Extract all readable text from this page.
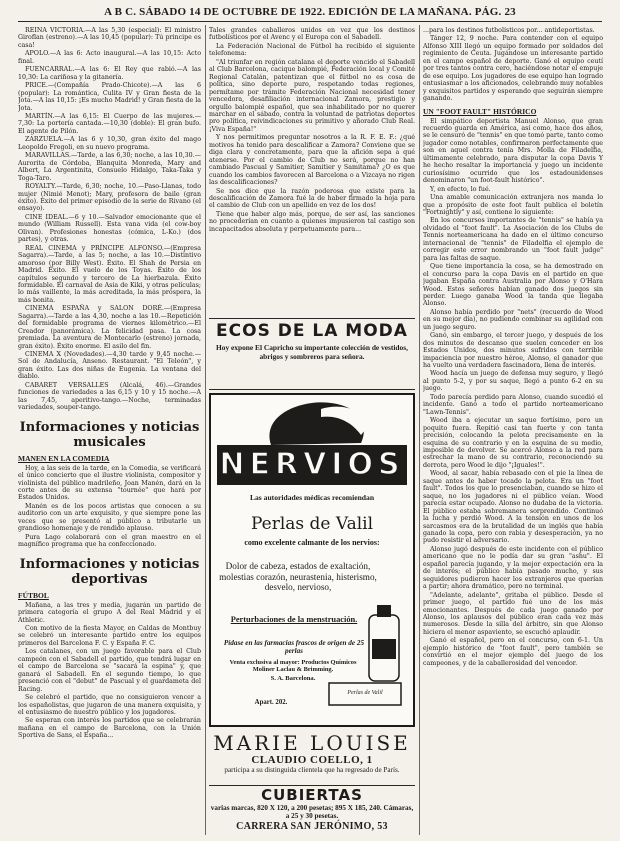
A B C. SÁBADO 14 DE OCTUBRE DE 1922. EDICIÓN DE LA MAÑANA. PÁG. 23

REINA VICTORIA.—A las 5,30 (especial): El ministro Giroflan (estreno).—A las 10,45 (popular): Tú principe es casa!

APOLO.—A las 6: Acto inaugural.—A las 10,15: Acto final.

FUENCARRAL.—A las 6: El Rey que rabió.—A las 10,30: La cariñosa y la gitanería.

PRICE.—(Compañía Prado-Chicote).—A las 6 (popular): La romántica, Culita IV y Gran fiesta de la Jota.—A las 10,15: ¡Es mucho Madrid! y Gran fiesta de la Jota.

MARTÍN.—A las 6,15: El Cuerpo de las mujeres.—7,30: La portería cantada.—10,30 (doble): El gran bufo. El agente de Pilón.

ZARZUELA.—A las 6 y 10,30, gran éxito del mago Leopoldo Fregoli, en su nuevo programa.

MARAVILLAS.—Tarde, a las 6,30; noche, a las 10,30.—Aurorita de Córdoba, Blanquita Monreda, Mary and Albert, La Argentinita, Consuelo Hidalgo, Taka-Taka y Toga-Taro.

ROYALTY.—Tarde, 6,30; noche, 10.—Paso-Llanas, todo mujer (Nimié Menot); Mary, profesora de baile (gran éxito). Éxito del primer episodio de la serie de Rivano (el ensayo).

CINE IDEAL.—6 y 10.—Salvador emocionante que el mundo (William Russell). Esta vana vida (el cow-boy Olivan). Profesiones honestas (cómica, L-Ko.) (dos partes), y otras.

REAL CINEMA y PRÍNCIPE ALFONSO.—(Empresa Sagarra).—Tarde, a las 5; noche, a las 10.—Distintivo amoroso (por Billy West). Éxito. El Shah de Persia en Madrid. Éxito. El vuelo de los Toyas. Éxito de los capítulos segundo y tercero de La hierbazula. Éxito formidable. El carnaval de Asia de Kiki, y otras películas; lo más vaillente, la más acreditada, la más próspera, la más bonita.

CINEMA ESPAÑA y SALON DORÉ.—(Empresa Sagarra).—Tarde a las 4,30, noche a las 10.—Repetición del formidable programa de viernes kilométrico.—El Creador (panorámica). La felicidad pasa. La cosa premiada. La aventura de Montecarlo (estreno) jornada, gran éxito). Éxito enorme. El asilo del fin.

CINEMA X (Novedades).—4,30 tarde y 9,45 noche.—Sol de Andalucía, Anseno. Restaurant. "El Teleón", y gran éxito. Las dos niñas de Eugenia. La ventana del diablo.

CABARET VERSALLES (Alcalá, 46).—Grandes funciones de variedades a las 6,15 y 10 y 15 noche.—A las 7,45, aperitivo-tango.—Noche, terminadas variedades, souper-tango.

Informaciones y noticias musicales
MANEN EN LA COMEDIA

Hoy, a las seis de la tarde, en la Comedia, se verificará el único concierto que el ilustre violinista, compositor y violinista del público madrileño, Joan Manén, dará en la corte antes de su extensa "tournée" que hará por Estados Unidos.

Manén es de los pocos artistas que conocen a su auditorio con un arte exquisito, y que siempre pone las veces que se presentó al público a tributarle un grandioso homenaje y de rendido aplauso.

Pura Lago colaborará con el gran maestro en el magnífico programa que ha confeccionado.

Informaciones y noticias deportivas
FÚTBOL

Mañana, a las tres y media, jugarán un partido de primera categoría el grupo A del Real Madrid y el Athletic.

Con motivo de la fiesta Mayor, en Caldas de Montbuy se celebró un interesante partido entre los equipos primeros del Barcelona F. C. y España F. C.

Los catalanes, con un juego favorable para el Club campeón con el Sabadell el partido, que tendrá lugar en el campo de Barcelona se "sacará la espina" y, que ganará el Sabadell. En el segundo tiempo, lo que presenció con el "debut" de Pascual y el guardameta del Racing.

Se celebró el partido, que no consiguieron vencer a los españolistas, que jugaron de una manera exquisita, y el entusiasmo de nuestro público y los jugadores.

Se esperan con interés los partidos que se celebrarán mañana en el campo de Barcelona, con la Unión Sportiva de Sans, el España...

Tales grandes caballeros unidos en vez que los destinos futbolísticos por el Avenc y el Europa con el Sabadell.

La Federación Nacional de Fútbol ha recibido el siguiente telefonema:

"Al triunfar en región catalana el deporte vencido el Sabadell al Club Barcelona, cacique balompié, Federación local y Comité Regional Catalán, patentizan que el fútbol no es cosa de política, sino deporte puro, respetando todas regiones, permítame por trámite Federación Nacional necesidad tener vencedora, desafiliación internacional Zamora, prestigio y orgullo balompié español, que sea inhabilitado por no querer marchar en el sábado, contra la voluntad de patriotas deportes pro política, reivindicaciones su primitivo y añorado Club Real. ¡Viva España!"

Y nos permitimos preguntar nosotros a la R. F. E. F.: ¿qué motivos ha tenido para descalificar a Zamora? Conviene que se diga clara y concretamente, para que la afición sepa a qué atenerse. Por el cambio de Club no será, porque no han cambiado Pascual y Samitier, Samitier y Samitama? ¿O es que cuando los cambios favorecen al Barcelona o a Vizcaya no rigen las descalificaciones?

Se nos dice que la razón poderosa que existe para la descalificación de Zamora fué la de haber firmado la hoja para el cambio de Club con un apellido en vez de los dos!

Tiene que haber algo más, porque, de ser así, las sanciones no procederían en cuanto a quienes impusieron tal castigo son incapacitados absoluta y perpetuamente para...

ECOS DE LA MODA
Hoy expone El Capricho su importante colección de vestidos, abrigos y sombreros para señora.
NERVIOS
Las autoridades médicas recomiendan
Perlas de Valil
como excelente calmante de los nervios:
Dolor de cabeza, estados de exaltación, molestias corazón, neurastenia, histerismo, desvelo, nervioso,
Perturbaciones de la menstruación.
Pídase en las farmacias frascos de origen de 25 perlas
Venta exclusiva al mayor: Productos Químicos Moliner Laclau & Brimming.
S. A. Barcelona.
Perlas de Valil
Apart. 202.
MARIE LOUISE
CLAUDIO COELLO, 1
participa a su distinguida clientela que ha regresado de París.
CUBIERTAS
varias marcas, 820 X 120, a 200 pesetas; 895 X 185, 240. Cámaras, a 25 y 30 pesetas.
CARRERA SAN JERÓNIMO, 53

...para los destinos futbolísticos por... antideportistas.

Tánger 12, 9 noche. Para contender con el equipo Alfonso XIII llegó un equipo formado por soldados del regimiento de Ceuta. Jugándose un interesante partido en el campo español de deporte. Ganó el equipo ceutí por tres tantos contra cero, haciéndose notar el empuje de ese equipo. Los jugadores de ese equipo han logrado entusiasmar a los aficionados, celebrando muy notables y exquisitos partidos y esperando que seguirán siempre ganando.

UN "FOOT FAULT" HISTÓRICO

El simpático deportista Manuel Alonso, que gran recuerdo guarda en América, así como, hace dos años, se le censuró de "tennis" en que tomó parte, tanto como jugador como notables, confirmaron perfectamente que son en aquel contra tenía Mrs. Molla de Filadelfia, últimamente celebrado, para disputar la copa Davis Y he hecho resaltar la importancia y juego un incidente curiosísimo ocurrido que los estadounidenses denominaron "un foot-fault histórico".

Y, en efecto, lo fué.

Una amable comunicación extranjera nos manda lo que a propósito de este foot fault publica el boletín "Fortnightly" y así, contiene lo siguiente:

En los concursos importantes de "tennis" se había ya olvidado el "foot fault". La Asociación de los Clubs de Tennis norteamericana ha dado en el último concurso internacional de "tennis" de Filadelfia el ejemplo de corregir este error nombrando un "foot fault judge" para las faltas de saque.

Que tiene importancia la cosa, se ha demostrado en el concurso para la copa Davis en el partido en que jugaban España contra Australia por Alonso y O'Hara Wood. Estos señores habían ganado dos juegos sin perder. Luego ganaba Wood la tanda que llegaba Alonso.

Alonso había perdido por "nets" (recuerdo de Wood en su mejor día), no pudiendo combinar su agilidad con un juego seguro.

Ganó, sin embargo, el tercer juego, y después de los dos minutos de descanso que suelen conceder en los Estados Unidos, dos minutos sufridos con terrible impaciencia por nuestro héroe, Alonso, el ganador que ha vuelto una verdadera fascinadora, llena de interés.

Wood hacía un juego de defensa muy seguro, y llegó al punto 5-2, y por su saque, llegó a punto 6-2 en su juego.

Todo parecía perdido para Alonso, cuando sucedió el incidente. Ganó a todo el partido norteamericano "Lawn-Tennis".

Wood iba a ejecutar un saque fortísimo, pero un poquito fuera. Repitió casi tan fuerte y con tanta precisión, colocando la pelota precisamente en la esquina de su contrario y en la esquina de su medio, imposible de devolver. Se acercó Alonso a la red para estrechar la mano de su contrario, reconociendo su derrota, pero Wood le dijo "¡Iguales!".

Wood, al sacar, había rebasado con el pie la línea de saque antes de haber tocado la pelota. Era un "foot fault". Todos los que lo presenciaban, cuando se hizo el saque, no los jugadores ni el público veían. Wood parecía estar ocupado. Alonso no dudaba de la victoria. El público estaba sobremanera sorprendido. Continuó la lucha y perdió Wood. A la tensión en unos de los sarcasmos era de la brutalidad de un inglés que había ganado la copa, pero con rabia y desesperación, ya no pudo resistir el adversario.

Alonso jugó después de este incidente con el público americano que no le podía dar su gran "ashu". El español parecía jugando, y la mejor expectación era la de interés; el público había pasado mucho, y sus seguidores pudieron hacer los extranjeros que querían a partir; ahora dramático, pero no terminal.

"Adelante, adelante", gritaba el público. Desde el primer juego, el partido fué uno de los más emocionantes. Después de cada juego ganado por Alonso, los aplausos del público eran cada vez más numerosos. Desde la silla del árbitro, sin que Alonso hiciera el menor aspaviento, se escuchó aplaudir.

Ganó el español, pero en el concurso, con 6-1. Un ejemplo histórico de "foot fault", pero también se convirtió en el mejor ejemplo del juego de los campeones, y de la caballerosidad del vencedor.
